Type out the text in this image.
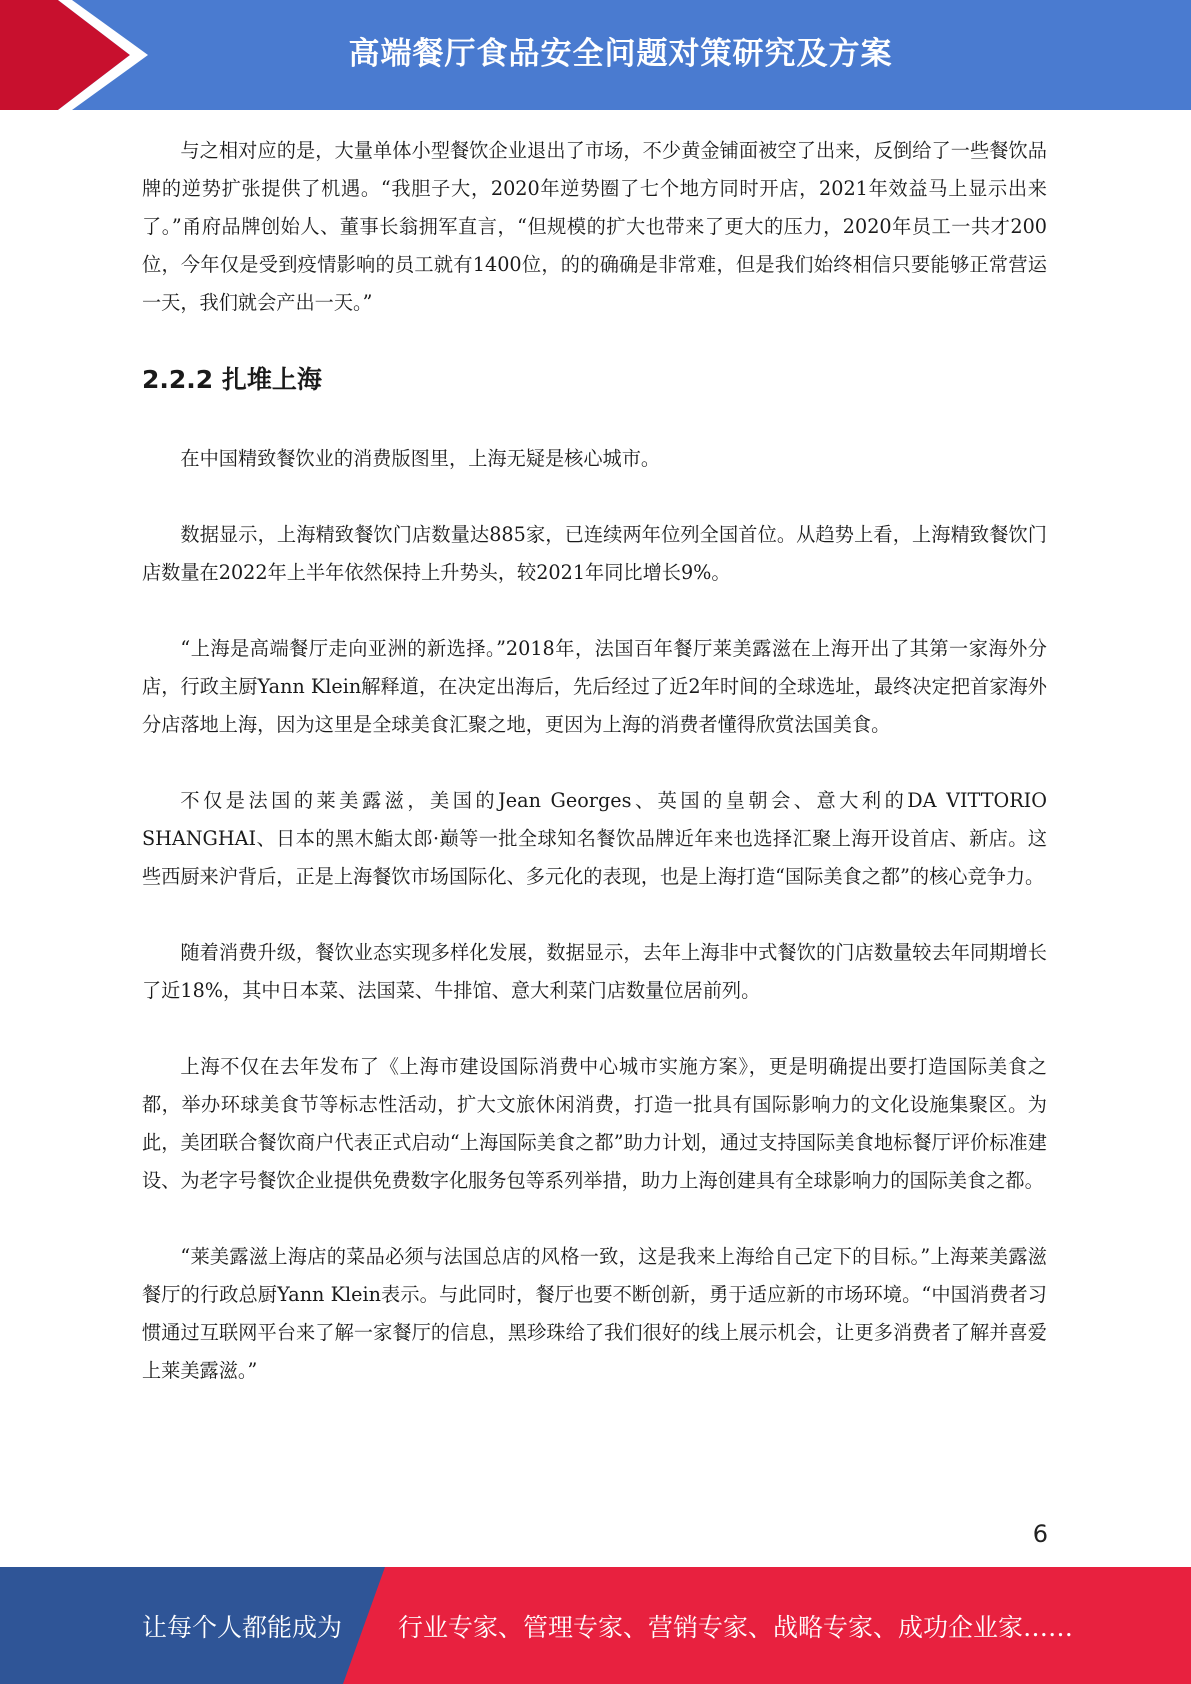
高端餐厅食品安全问题对策研究及方案

与之相对应的是，大量单体小型餐饮企业退出了市场，不少黄金铺面被空了出来，反倒给了一些餐饮品牌的逆势扩张提供了机遇。“我胆子大，2020年逆势圈了七个地方同时开店，2021年效益马上显示出来了。”甬府品牌创始人、董事长翁拥军直言，“但规模的扩大也带来了更大的压力，2020年员工一共才200位，今年仅是受到疫情影响的员工就有1400位，的的确确是非常难，但是我们始终相信只要能够正常营运一天，我们就会产出一天。”

2.2.2 扎堆上海

在中国精致餐饮业的消费版图里，上海无疑是核心城市。

数据显示，上海精致餐饮门店数量达885家，已连续两年位列全国首位。从趋势上看，上海精致餐饮门店数量在2022年上半年依然保持上升势头，较2021年同比增长9%。

“上海是高端餐厅走向亚洲的新选择。”2018年，法国百年餐厅莱美露滋在上海开出了其第一家海外分店，行政主厨Yann Klein解释道，在决定出海后，先后经过了近2年时间的全球选址，最终决定把首家海外分店落地上海，因为这里是全球美食汇聚之地，更因为上海的消费者懂得欣赏法国美食。

不仅是法国的莱美露滋，美国的Jean Georges、英国的皇朝会、意大利的DA VITTORIO SHANGHAI、日本的黑木鮨太郎·巅等一批全球知名餐饮品牌近年来也选择汇聚上海开设首店、新店。这些西厨来沪背后，正是上海餐饮市场国际化、多元化的表现，也是上海打造“国际美食之都”的核心竞争力。

随着消费升级，餐饮业态实现多样化发展，数据显示，去年上海非中式餐饮的门店数量较去年同期增长了近18%，其中日本菜、法国菜、牛排馆、意大利菜门店数量位居前列。

上海不仅在去年发布了《上海市建设国际消费中心城市实施方案》，更是明确提出要打造国际美食之都，举办环球美食节等标志性活动，扩大文旅休闲消费，打造一批具有国际影响力的文化设施集聚区。为此，美团联合餐饮商户代表正式启动“上海国际美食之都”助力计划，通过支持国际美食地标餐厅评价标准建设、为老字号餐饮企业提供免费数字化服务包等系列举措，助力上海创建具有全球影响力的国际美食之都。

“莱美露滋上海店的菜品必须与法国总店的风格一致，这是我来上海给自己定下的目标。”上海莱美露滋餐厅的行政总厨Yann Klein表示。与此同时，餐厅也要不断创新，勇于适应新的市场环境。“中国消费者习惯通过互联网平台来了解一家餐厅的信息，黑珍珠给了我们很好的线上展示机会，让更多消费者了解并喜爱上莱美露滋。”

6
让每个人都能成为 行业专家、管理专家、营销专家、战略专家、成功企业家……
